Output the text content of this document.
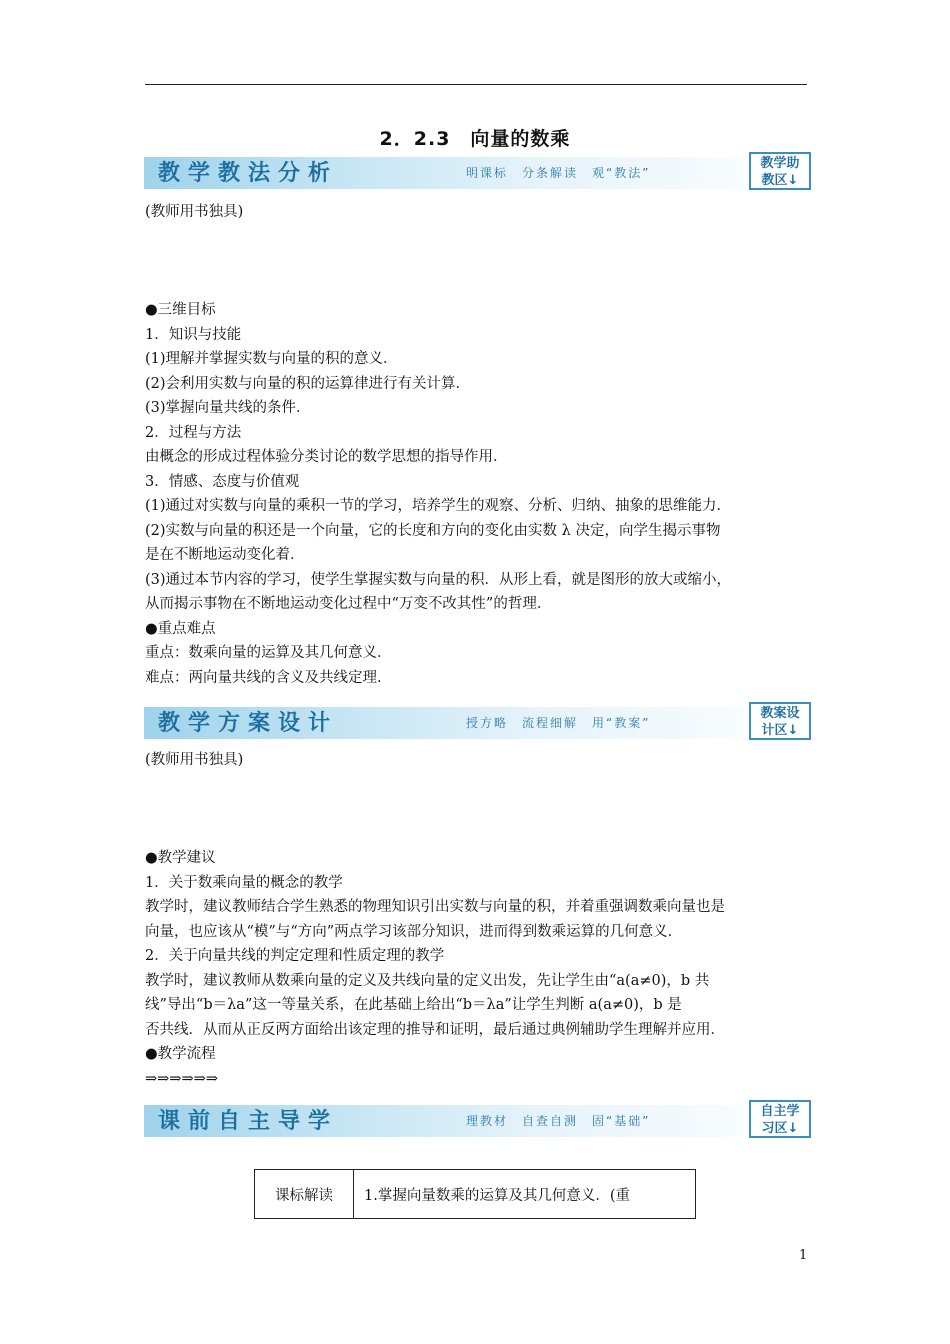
2．2.3　向量的数乘
教学教法分析	明课标　分条解读　观“教法”
教学助
教区↓

(教师用书独具)

●三维目标

1．知识与技能

(1)理解并掌握实数与向量的积的意义．

(2)会利用实数与向量的积的运算律进行有关计算．

(3)掌握向量共线的条件．

2．过程与方法

由概念的形成过程体验分类讨论的数学思想的指导作用．

3．情感、态度与价值观

(1)通过对实数与向量的乘积一节的学习，培养学生的观察、分析、归纳、抽象的思维能力．

(2)实数与向量的积还是一个向量，它的长度和方向的变化由实数 λ 决定，向学生揭示事物

是在不断地运动变化着．

(3)通过本节内容的学习，使学生掌握实数与向量的积．从形上看，就是图形的放大或缩小，

从而揭示事物在不断地运动变化过程中“万变不改其性”的哲理．

●重点难点

重点：数乘向量的运算及其几何意义．

难点：两向量共线的含义及共线定理．

教学方案设计	授方略　流程细解　用“教案”
教案设
计区↓

(教师用书独具)

●教学建议

1．关于数乘向量的概念的教学

教学时，建议教师结合学生熟悉的物理知识引出实数与向量的积，并着重强调数乘向量也是

向量，也应该从“模”与“方向”两点学习该部分知识，进而得到数乘运算的几何意义．

2．关于向量共线的判定定理和性质定理的教学

教学时，建议教师从数乘向量的定义及共线向量的定义出发，先让学生由“a(a≠0)，b 共

线”导出“b＝λa”这一等量关系，在此基础上给出“b＝λa”让学生判断 a(a≠0)，b 是

否共线．从而从正反两方面给出该定理的推导和证明，最后通过典例辅助学生理解并应用．

●教学流程

⇒⇒⇒⇒⇒⇒

课前自主导学	理教材　自查自测　固“基础”
自主学
习区↓
课标解读	1.掌握向量数乘的运算及其几何意义．(重
1
